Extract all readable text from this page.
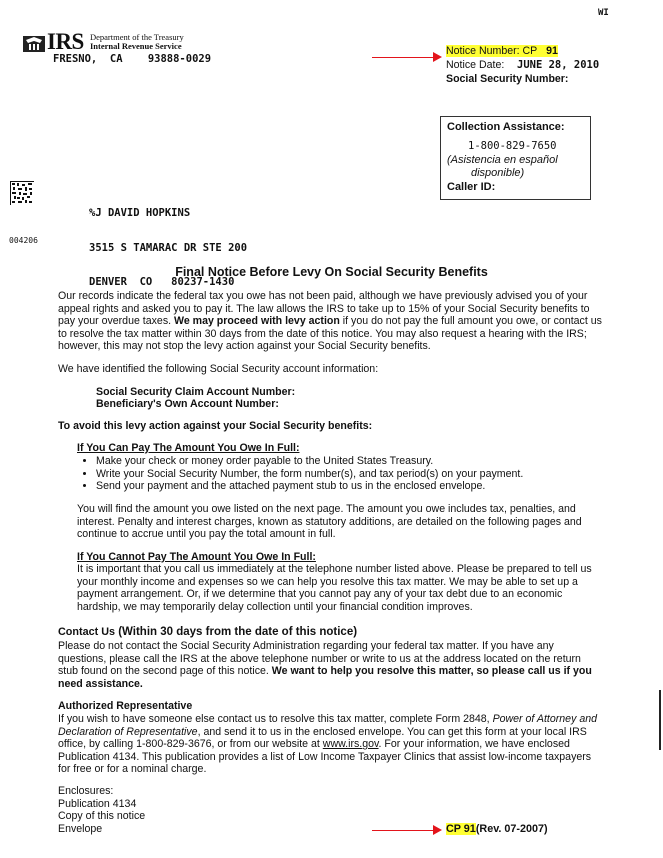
WI
IRS Department of the Treasury
Internal Revenue Service
FRESNO,  CA    93888-0029
Notice Number: CP 91
Notice Date: JUNE 28, 2010
Social Security Number:
Collection Assistance:
1-800-829-7650
(Asistencia en español
disponible)
Caller ID:

%J DAVID HOPKINS

3515 S TAMARAC DR STE 200

DENVER  CO   80237-1430

004206
Final Notice Before Levy On Social Security Benefits

Our records indicate the federal tax you owe has not been paid, although we have previously advised you of your appeal rights and asked you to pay it. The law allows the IRS to take up to 15% of your Social Security benefits to pay your overdue taxes. We may proceed with levy action if you do not pay the full amount you owe, or contact us to resolve the tax matter within 30 days from the date of this notice. You may also request a hearing with the IRS; however, this may not stop the levy action against your Social Security benefits.

We have identified the following Social Security account information:

Social Security Claim Account Number:
Beneficiary's Own Account Number:

To avoid this levy action against your Social Security benefits:

If You Can Pay The Amount You Owe In Full:
• Make your check or money order payable to the United States Treasury.
• Write your Social Security Number, the form number(s), and tax period(s) on your payment.
• Send your payment and the attached payment stub to us in the enclosed envelope.

You will find the amount you owe listed on the next page. The amount you owe includes tax, penalties, and interest. Penalty and interest charges, known as statutory additions, are detailed on the following pages and continue to accrue until you pay the total amount in full.

If You Cannot Pay The Amount You Owe In Full:

It is important that you call us immediately at the telephone number listed above. Please be prepared to tell us your monthly income and expenses so we can help you resolve this tax matter. We may be able to set up a payment arrangement. Or, if we determine that you cannot pay any of your tax debt due to an economic hardship, we may temporarily delay collection until your financial condition improves.

Contact Us (Within 30 days from the date of this notice)

Please do not contact the Social Security Administration regarding your federal tax matter. If you have any questions, please call the IRS at the above telephone number or write to us at the address located on the return stub found on the second page of this notice. We want to help you resolve this matter, so please call us if you need assistance.

Authorized Representative

If you wish to have someone else contact us to resolve this tax matter, complete Form 2848, Power of Attorney and Declaration of Representative, and send it to us in the enclosed envelope. You can get this form at your local IRS office, by calling 1-800-829-3676, or from our website at www.irs.gov. For your information, we have enclosed Publication 4134. This publication provides a list of Low Income Taxpayer Clinics that assist low-income taxpayers for free or for a nominal charge.

Enclosures:
Publication 4134
Copy of this notice
Envelope	CP 91(Rev. 07-2007)
